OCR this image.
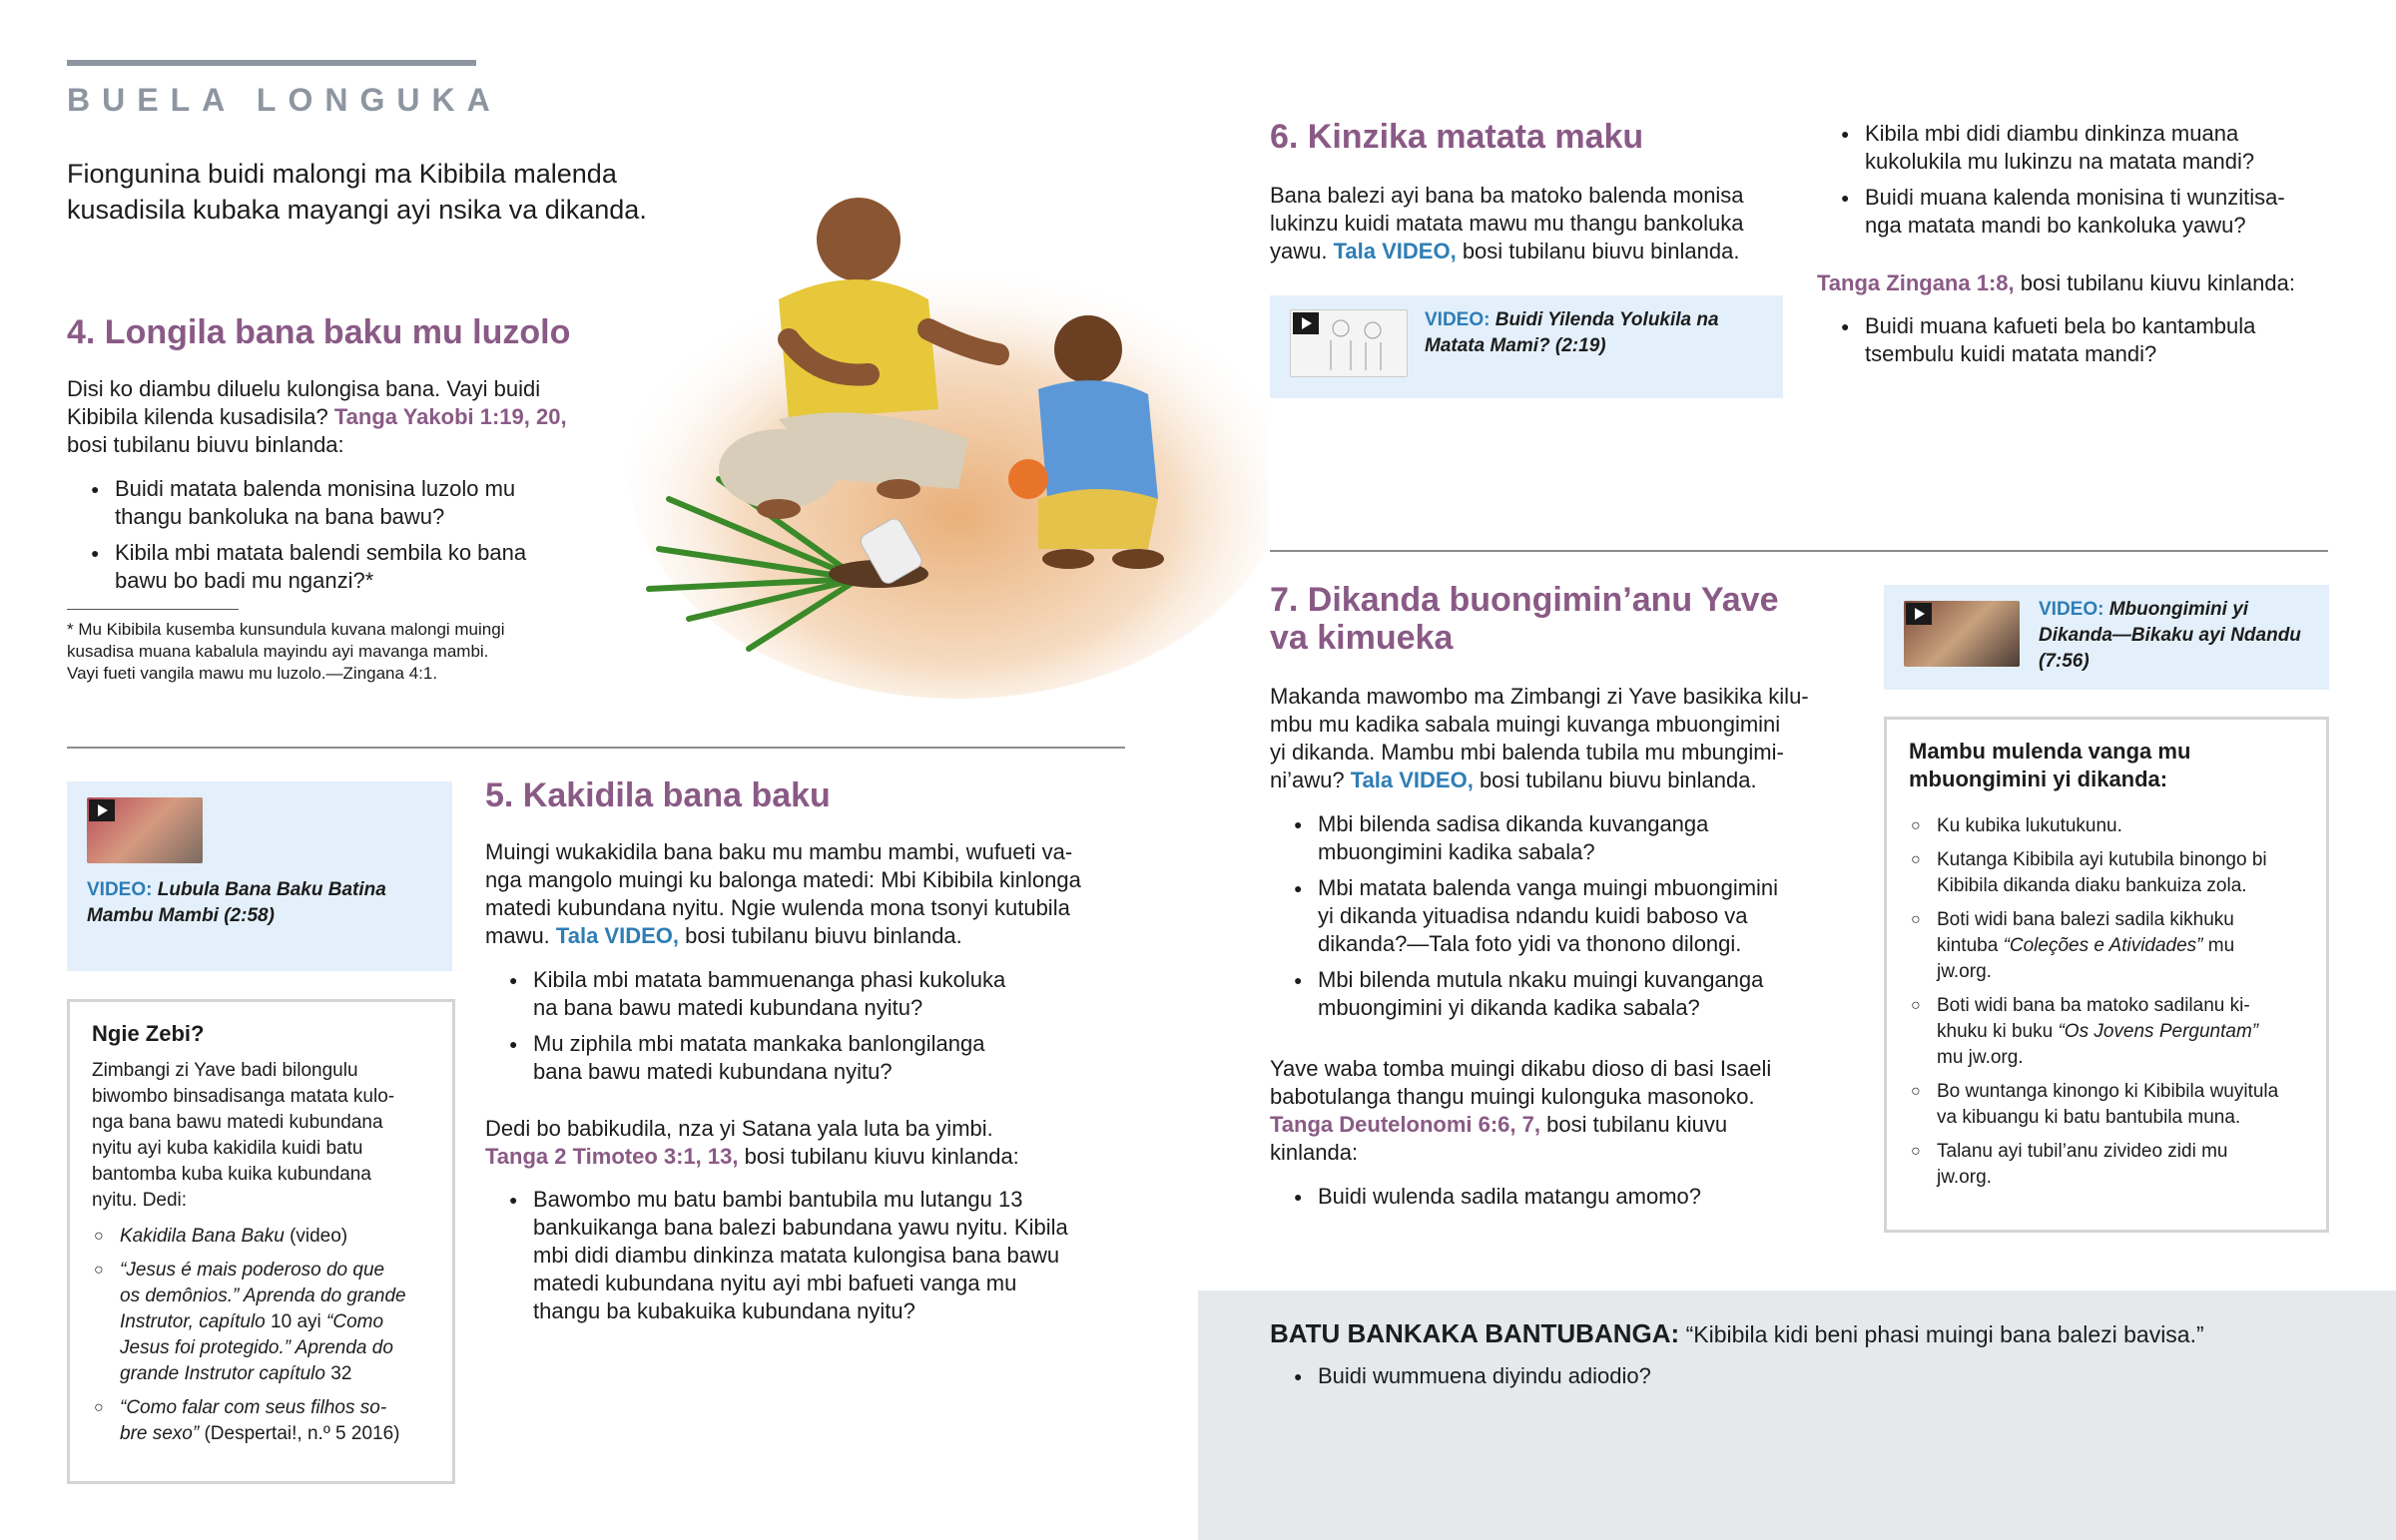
BUELA LONGUKA
Fiongunina buidi malongi ma Kibibila malenda
kusadisila kubaka mayangi ayi nsika va dikanda.
4. Longila bana baku mu luzolo
Disi ko diambu diluelu kulongisa bana. Vayi buidi
Kibibila kilenda kusadisila? Tanga Yakobi 1:19, 20,
bosi tubilanu biuvu binlanda:
● Buidi matata balenda monisina luzolo mu
thangu bankoluka na bana bawu?
● Kibila mbi matata balendi sembila ko bana
bawu bo badi mu nganzi?*
* Mu Kibibila kusemba kunsundula kuvana malongi muingi
kusadisa muana kabalula mayindu ayi mavanga mambi.
Vayi fueti vangila mawu mu luzolo.—Zingana 4:1.
VIDEO: Lubula Bana Baku Batina
Mambu Mambi (2:58)
Ngie Zebi?
Zimbangi zi Yave badi bilongulu
biwombo binsadisanga matata kulo-
nga bana bawu matedi kubundana
nyitu ayi kuba kakidila kuidi batu
bantomba kuba kuika kubundana
nyitu. Dedi:
○ Kakidila Bana Baku (video)
○ “Jesus é mais poderoso do que
os demônios.” Aprenda do grande
Instrutor, capítulo 10 ayi “Como
Jesus foi protegido.” Aprenda do
grande Instrutor capítulo 32
○ “Como falar com seus filhos so-
bre sexo” (Despertai!, n.º 5 2016)
5. Kakidila bana baku
Muingi wukakidila bana baku mu mambu mambi, wufueti va-
nga mangolo muingi ku balonga matedi: Mbi Kibibila kinlonga
matedi kubundana nyitu. Ngie wulenda mona tsonyi kutubila
mawu. Tala VIDEO, bosi tubilanu biuvu binlanda.
● Kibila mbi matata bammuenanga phasi kukoluka
na bana bawu matedi kubundana nyitu?
● Mu ziphila mbi matata mankaka banlongilanga
bana bawu matedi kubundana nyitu?
Dedi bo babikudila, nza yi Satana yala luta ba yimbi.
Tanga 2 Timoteo 3:1, 13, bosi tubilanu kiuvu kinlanda:
● Bawombo mu batu bambi bantubila mu lutangu 13
bankuikanga bana balezi babundana yawu nyitu. Kibila
mbi didi diambu dinkinza matata kulongisa bana bawu
matedi kubundana nyitu ayi mbi bafueti vanga mu
thangu ba kubakuika kubundana nyitu?
6. Kinzika matata maku
Bana balezi ayi bana ba matoko balenda monisa
lukinzu kuidi matata mawu mu thangu bankoluka
yawu. Tala VIDEO, bosi tubilanu biuvu binlanda.
VIDEO: Buidi Yilenda Yolukila na
Matata Mami? (2:19)
● Kibila mbi didi diambu dinkinza muana
kukolukila mu lukinzu na matata mandi?
● Buidi muana kalenda monisina ti wunzitisa-
nga matata mandi bo kankoluka yawu?
Tanga Zingana 1:8, bosi tubilanu kiuvu kinlanda:
● Buidi muana kafueti bela bo kantambula
tsembulu kuidi matata mandi?
7. Dikanda buongimin’anu Yave
va kimueka
Makanda mawombo ma Zimbangi zi Yave basikika kilu-
mbu mu kadika sabala muingi kuvanga mbuongimini
yi dikanda. Mambu mbi balenda tubila mu mbungimi-
ni’awu? Tala VIDEO, bosi tubilanu biuvu binlanda.
● Mbi bilenda sadisa dikanda kuvanganga
mbuongimini kadika sabala?
● Mbi matata balenda vanga muingi mbuongimini
yi dikanda yituadisa ndandu kuidi baboso va
dikanda?—Tala foto yidi va thonono dilongi.
● Mbi bilenda mutula nkaku muingi kuvanganga
mbuongimini yi dikanda kadika sabala?
Yave waba tomba muingi dikabu dioso di basi Isaeli
babotulanga thangu muingi kulonguka masonoko.
Tanga Deutelonomi 6:6, 7, bosi tubilanu kiuvu
kinlanda:
● Buidi wulenda sadila matangu amomo?
VIDEO: Mbuongimini yi
Dikanda—Bikaku ayi Ndandu
(7:56)
Mambu mulenda vanga mu
mbuongimini yi dikanda:
○ Ku kubika lukutukunu.
○ Kutanga Kibibila ayi kutubila binongo bi
Kibibila dikanda diaku bankuiza zola.
○ Boti widi bana balezi sadila kikhuku
kintuba “Coleções e Atividades” mu
jw.org.
○ Boti widi bana ba matoko sadilanu ki-
khuku ki buku “Os Jovens Perguntam”
mu jw.org.
○ Bo wuntanga kinongo ki Kibibila wuyitula
va kibuangu ki batu bantubila muna.
○ Talanu ayi tubil’anu zivideo zidi mu
jw.org.
BATU BANKAKA BANTUBANGA: “Kibibila kidi beni phasi muingi bana balezi bavisa.”
● Buidi wummuena diyindu adiodio?
